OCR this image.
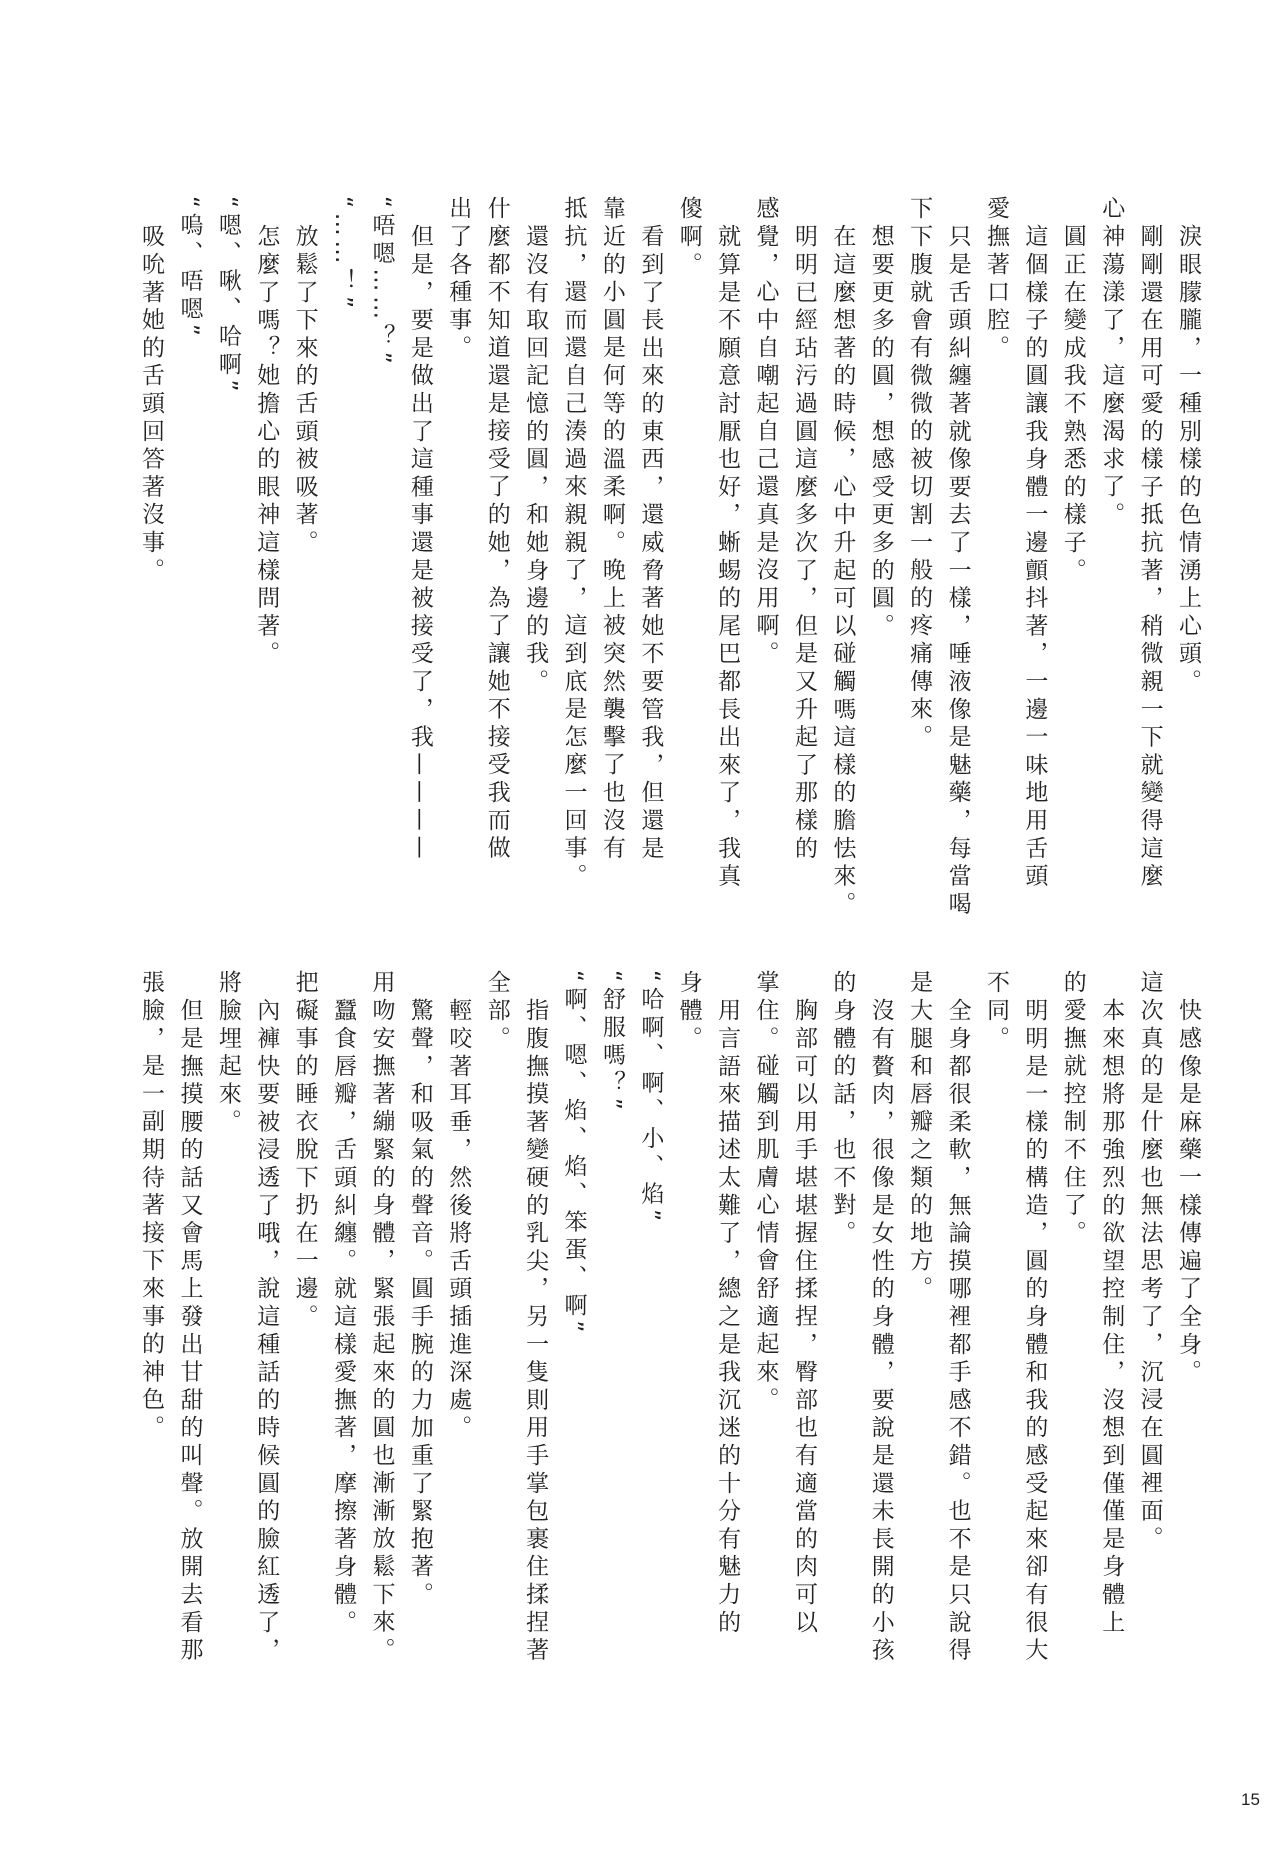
淚眼朦朧，一種別樣的色情湧上心頭。
剛剛還在用可愛的樣子抵抗著，稍微親一下就變得這麼
心神蕩漾了，這麼渴求了。
圓正在變成我不熟悉的樣子。
這個樣子的圓讓我身體一邊顫抖著，一邊一味地用舌頭
愛撫著口腔。
只是舌頭糾纏著就像要去了一樣，唾液像是魅藥，每當喝
下下腹就會有微微的被切割一般的疼痛傳來。
想要更多的圓，想感受更多的圓。
在這麼想著的時候，心中升起可以碰觸嗎這樣的膽怯來。
明明已經玷污過圓這麼多次了，但是又升起了那樣的
感覺，心中自嘲起自己還真是沒用啊。
就算是不願意討厭也好，蜥蜴的尾巴都長出來了，我真
傻啊。
看到了長出來的東西，還威脅著她不要管我，但還是
靠近的小圓是何等的溫柔啊。晚上被突然襲擊了也沒有
抵抗，還而還自己湊過來親親了，這到底是怎麼一回事。
還沒有取回記憶的圓，和她身邊的我。
什麼都不知道還是接受了的她，為了讓她不接受我而做
出了各種事。
但是，要是做出了這種事還是被接受了，我————
“唔嗯……？”
“……！”
放鬆了下來的舌頭被吸著。
怎麼了嗎？她擔心的眼神這樣問著。
“嗯、啾、哈啊”
“嗚、唔嗯”
吸吮著她的舌頭回答著沒事。
快感像是麻藥一樣傳遍了全身。
這次真的是什麼也無法思考了，沉浸在圓裡面。
本來想將那強烈的欲望控制住，沒想到僅僅是身體上
的愛撫就控制不住了。
明明是一樣的構造，圓的身體和我的感受起來卻有很大
不同。
全身都很柔軟，無論摸哪裡都手感不錯。也不是只說得
是大腿和唇瓣之類的地方。
沒有贅肉，很像是女性的身體，要說是還未長開的小孩
的身體的話，也不對。
胸部可以用手堪堪握住揉捏，臀部也有適當的肉可以
掌住。碰觸到肌膚心情會舒適起來。
用言語來描述太難了，總之是我沉迷的十分有魅力的
身體。
“哈啊、啊、小、焰”
“舒服嗎？”
“啊、嗯、焰、焰、笨蛋、啊”
指腹撫摸著變硬的乳尖，另一隻則用手掌包裹住揉捏著
全部。
輕咬著耳垂，然後將舌頭插進深處。
驚聲，和吸氣的聲音。圓手腕的力加重了緊抱著。
用吻安撫著繃緊的身體，緊張起來的圓也漸漸放鬆下來。
蠶食唇瓣，舌頭糾纏。就這樣愛撫著，摩擦著身體。
把礙事的睡衣脫下扔在一邊。
內褲快要被浸透了哦，說這種話的時候圓的臉紅透了，
將臉埋起來。
但是撫摸腰的話又會馬上發出甘甜的叫聲。放開去看那
張臉，是一副期待著接下來事的神色。
15
